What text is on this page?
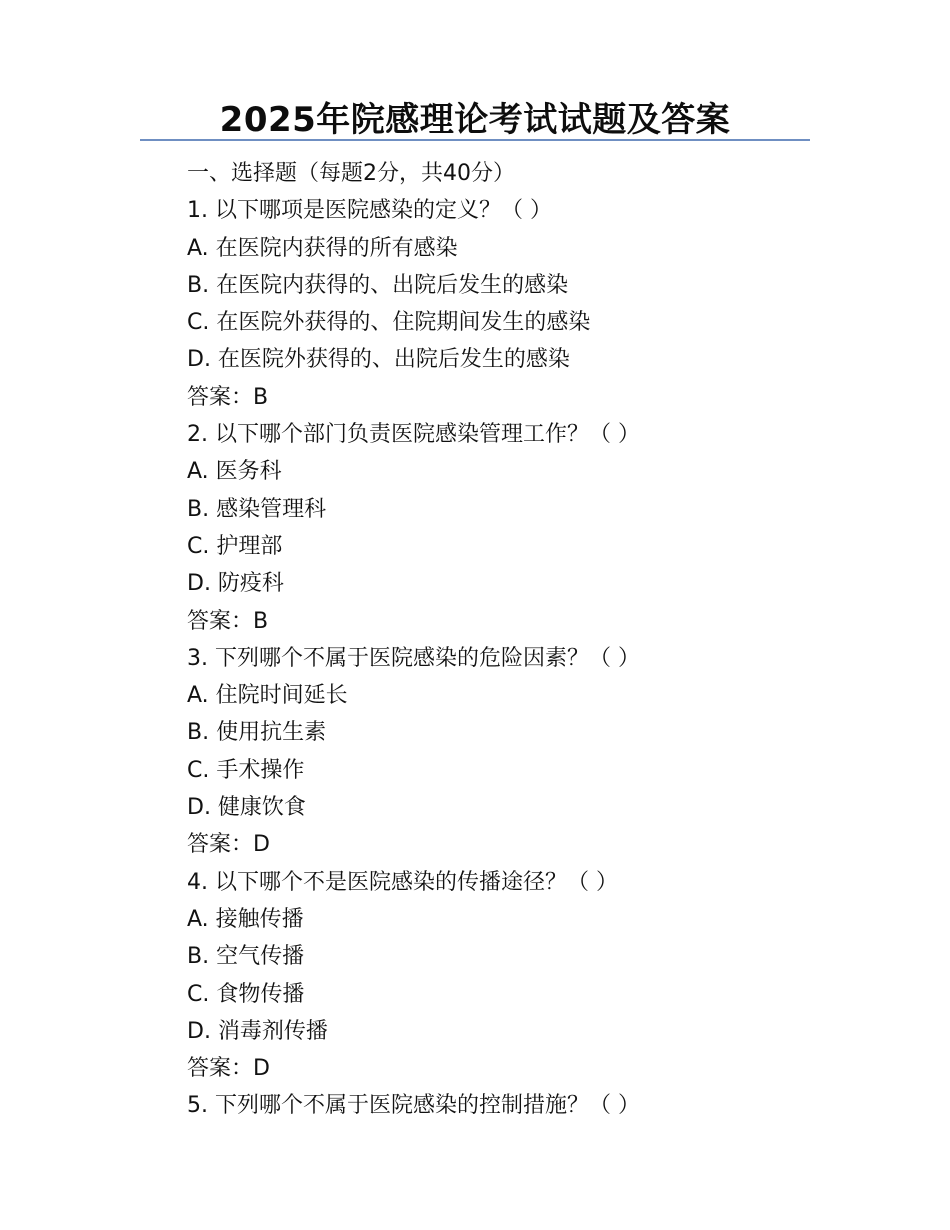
2025年院感理论考试试题及答案
一、选择题（每题2分，共40分）
1. 以下哪项是医院感染的定义？（ ）
A. 在医院内获得的所有感染
B. 在医院内获得的、出院后发生的感染
C. 在医院外获得的、住院期间发生的感染
D. 在医院外获得的、出院后发生的感染
答案：B
2. 以下哪个部门负责医院感染管理工作？（ ）
A. 医务科
B. 感染管理科
C. 护理部
D. 防疫科
答案：B
3. 下列哪个不属于医院感染的危险因素？（ ）
A. 住院时间延长
B. 使用抗生素
C. 手术操作
D. 健康饮食
答案：D
4. 以下哪个不是医院感染的传播途径？（ ）
A. 接触传播
B. 空气传播
C. 食物传播
D. 消毒剂传播
答案：D
5. 下列哪个不属于医院感染的控制措施？（ ）
